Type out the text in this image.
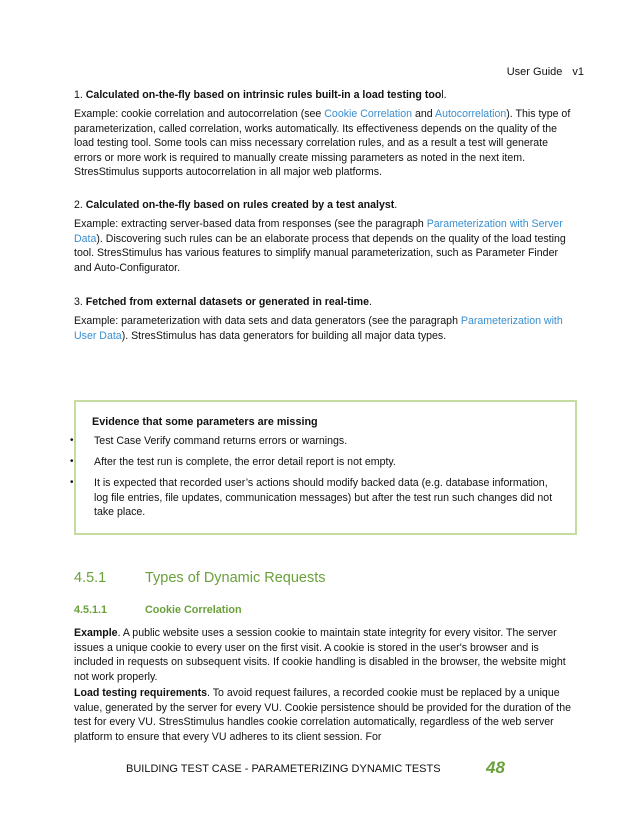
User Guide v1
1. Calculated on-the-fly based on intrinsic rules built-in a load testing tool.
Example: cookie correlation and autocorrelation (see Cookie Correlation and Autocorrelation). This type of parameterization, called correlation, works automatically. Its effectiveness depends on the quality of the load testing tool. Some tools can miss necessary correlation rules, and as a result a test will generate errors or more work is required to manually create missing parameters as noted in the next item. StresStimulus supports autocorrelation in all major web platforms.
2. Calculated on-the-fly based on rules created by a test analyst.
Example: extracting server-based data from responses (see the paragraph Parameterization with Server Data). Discovering such rules can be an elaborate process that depends on the quality of the load testing tool. StresStimulus has various features to simplify manual parameterization, such as Parameter Finder and Auto-Configurator.
3. Fetched from external datasets or generated in real-time.
Example: parameterization with data sets and data generators (see the paragraph Parameterization with User Data). StresStimulus has data generators for building all major data types.
Evidence that some parameters are missing
• Test Case Verify command returns errors or warnings.
• After the test run is complete, the error detail report is not empty.
• It is expected that recorded user’s actions should modify backed data (e.g. database information, log file entries, file updates, communication messages) but after the test run such changes did not take place.
4.5.1	Types of Dynamic Requests
4.5.1.1	Cookie Correlation
Example. A public website uses a session cookie to maintain state integrity for every visitor. The server issues a unique cookie to every user on the first visit. A cookie is stored in the user's browser and is included in requests on subsequent visits. If cookie handling is disabled in the browser, the website might not work properly.
Load testing requirements. To avoid request failures, a recorded cookie must be replaced by a unique value, generated by the server for every VU. Cookie persistence should be provided for the duration of the test for every VU. StresStimulus handles cookie correlation automatically, regardless of the web server platform to ensure that every VU adheres to its client session. For
BUILDING TEST CASE - PARAMETERIZING DYNAMIC TESTS	48
